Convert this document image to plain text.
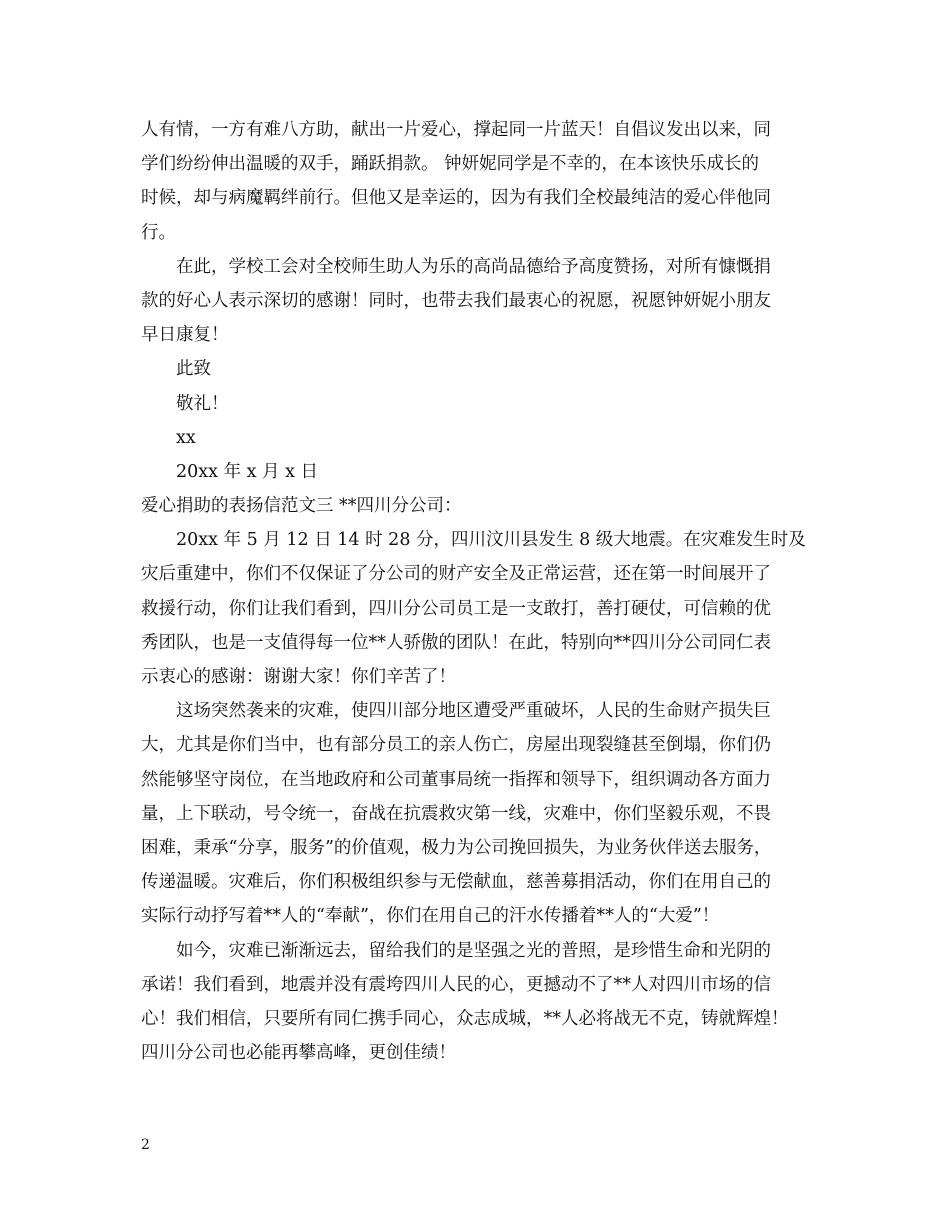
人有情，一方有难八方助，献出一片爱心，撑起同一片蓝天！自倡议发出以来，同
学们纷纷伸出温暖的双手，踊跃捐款。 钟妍妮同学是不幸的，在本该快乐成长的
时候，却与病魔羁绊前行。但他又是幸运的，因为有我们全校最纯洁的爱心伴他同
行。
在此，学校工会对全校师生助人为乐的高尚品德给予高度赞扬，对所有慷慨捐
款的好心人表示深切的感谢！同时，也带去我们最衷心的祝愿，祝愿钟妍妮小朋友
早日康复！
此致
敬礼！
xx
20xx 年 x 月 x 日
爱心捐助的表扬信范文三 **四川分公司：
20xx 年 5 月 12 日 14 时 28 分，四川汶川县发生 8 级大地震。在灾难发生时及
灾后重建中，你们不仅保证了分公司的财产安全及正常运营，还在第一时间展开了
救援行动，你们让我们看到，四川分公司员工是一支敢打，善打硬仗，可信赖的优
秀团队，也是一支值得每一位**人骄傲的团队！在此，特别向**四川分公司同仁表
示衷心的感谢：谢谢大家！你们辛苦了！
这场突然袭来的灾难，使四川部分地区遭受严重破坏，人民的生命财产损失巨
大，尤其是你们当中，也有部分员工的亲人伤亡，房屋出现裂缝甚至倒塌，你们仍
然能够坚守岗位，在当地政府和公司董事局统一指挥和领导下，组织调动各方面力
量，上下联动，号令统一，奋战在抗震救灾第一线，灾难中，你们坚毅乐观，不畏
困难，秉承“分享，服务”的价值观，极力为公司挽回损失，为业务伙伴送去服务，
传递温暖。灾难后，你们积极组织参与无偿献血，慈善募捐活动，你们在用自己的
实际行动抒写着**人的“奉献”，你们在用自己的汗水传播着**人的“大爱”！
如今，灾难已渐渐远去，留给我们的是坚强之光的普照，是珍惜生命和光阴的
承诺！我们看到，地震并没有震垮四川人民的心，更撼动不了**人对四川市场的信
心！我们相信，只要所有同仁携手同心，众志成城，**人必将战无不克，铸就辉煌！
四川分公司也必能再攀高峰，更创佳绩！
2
